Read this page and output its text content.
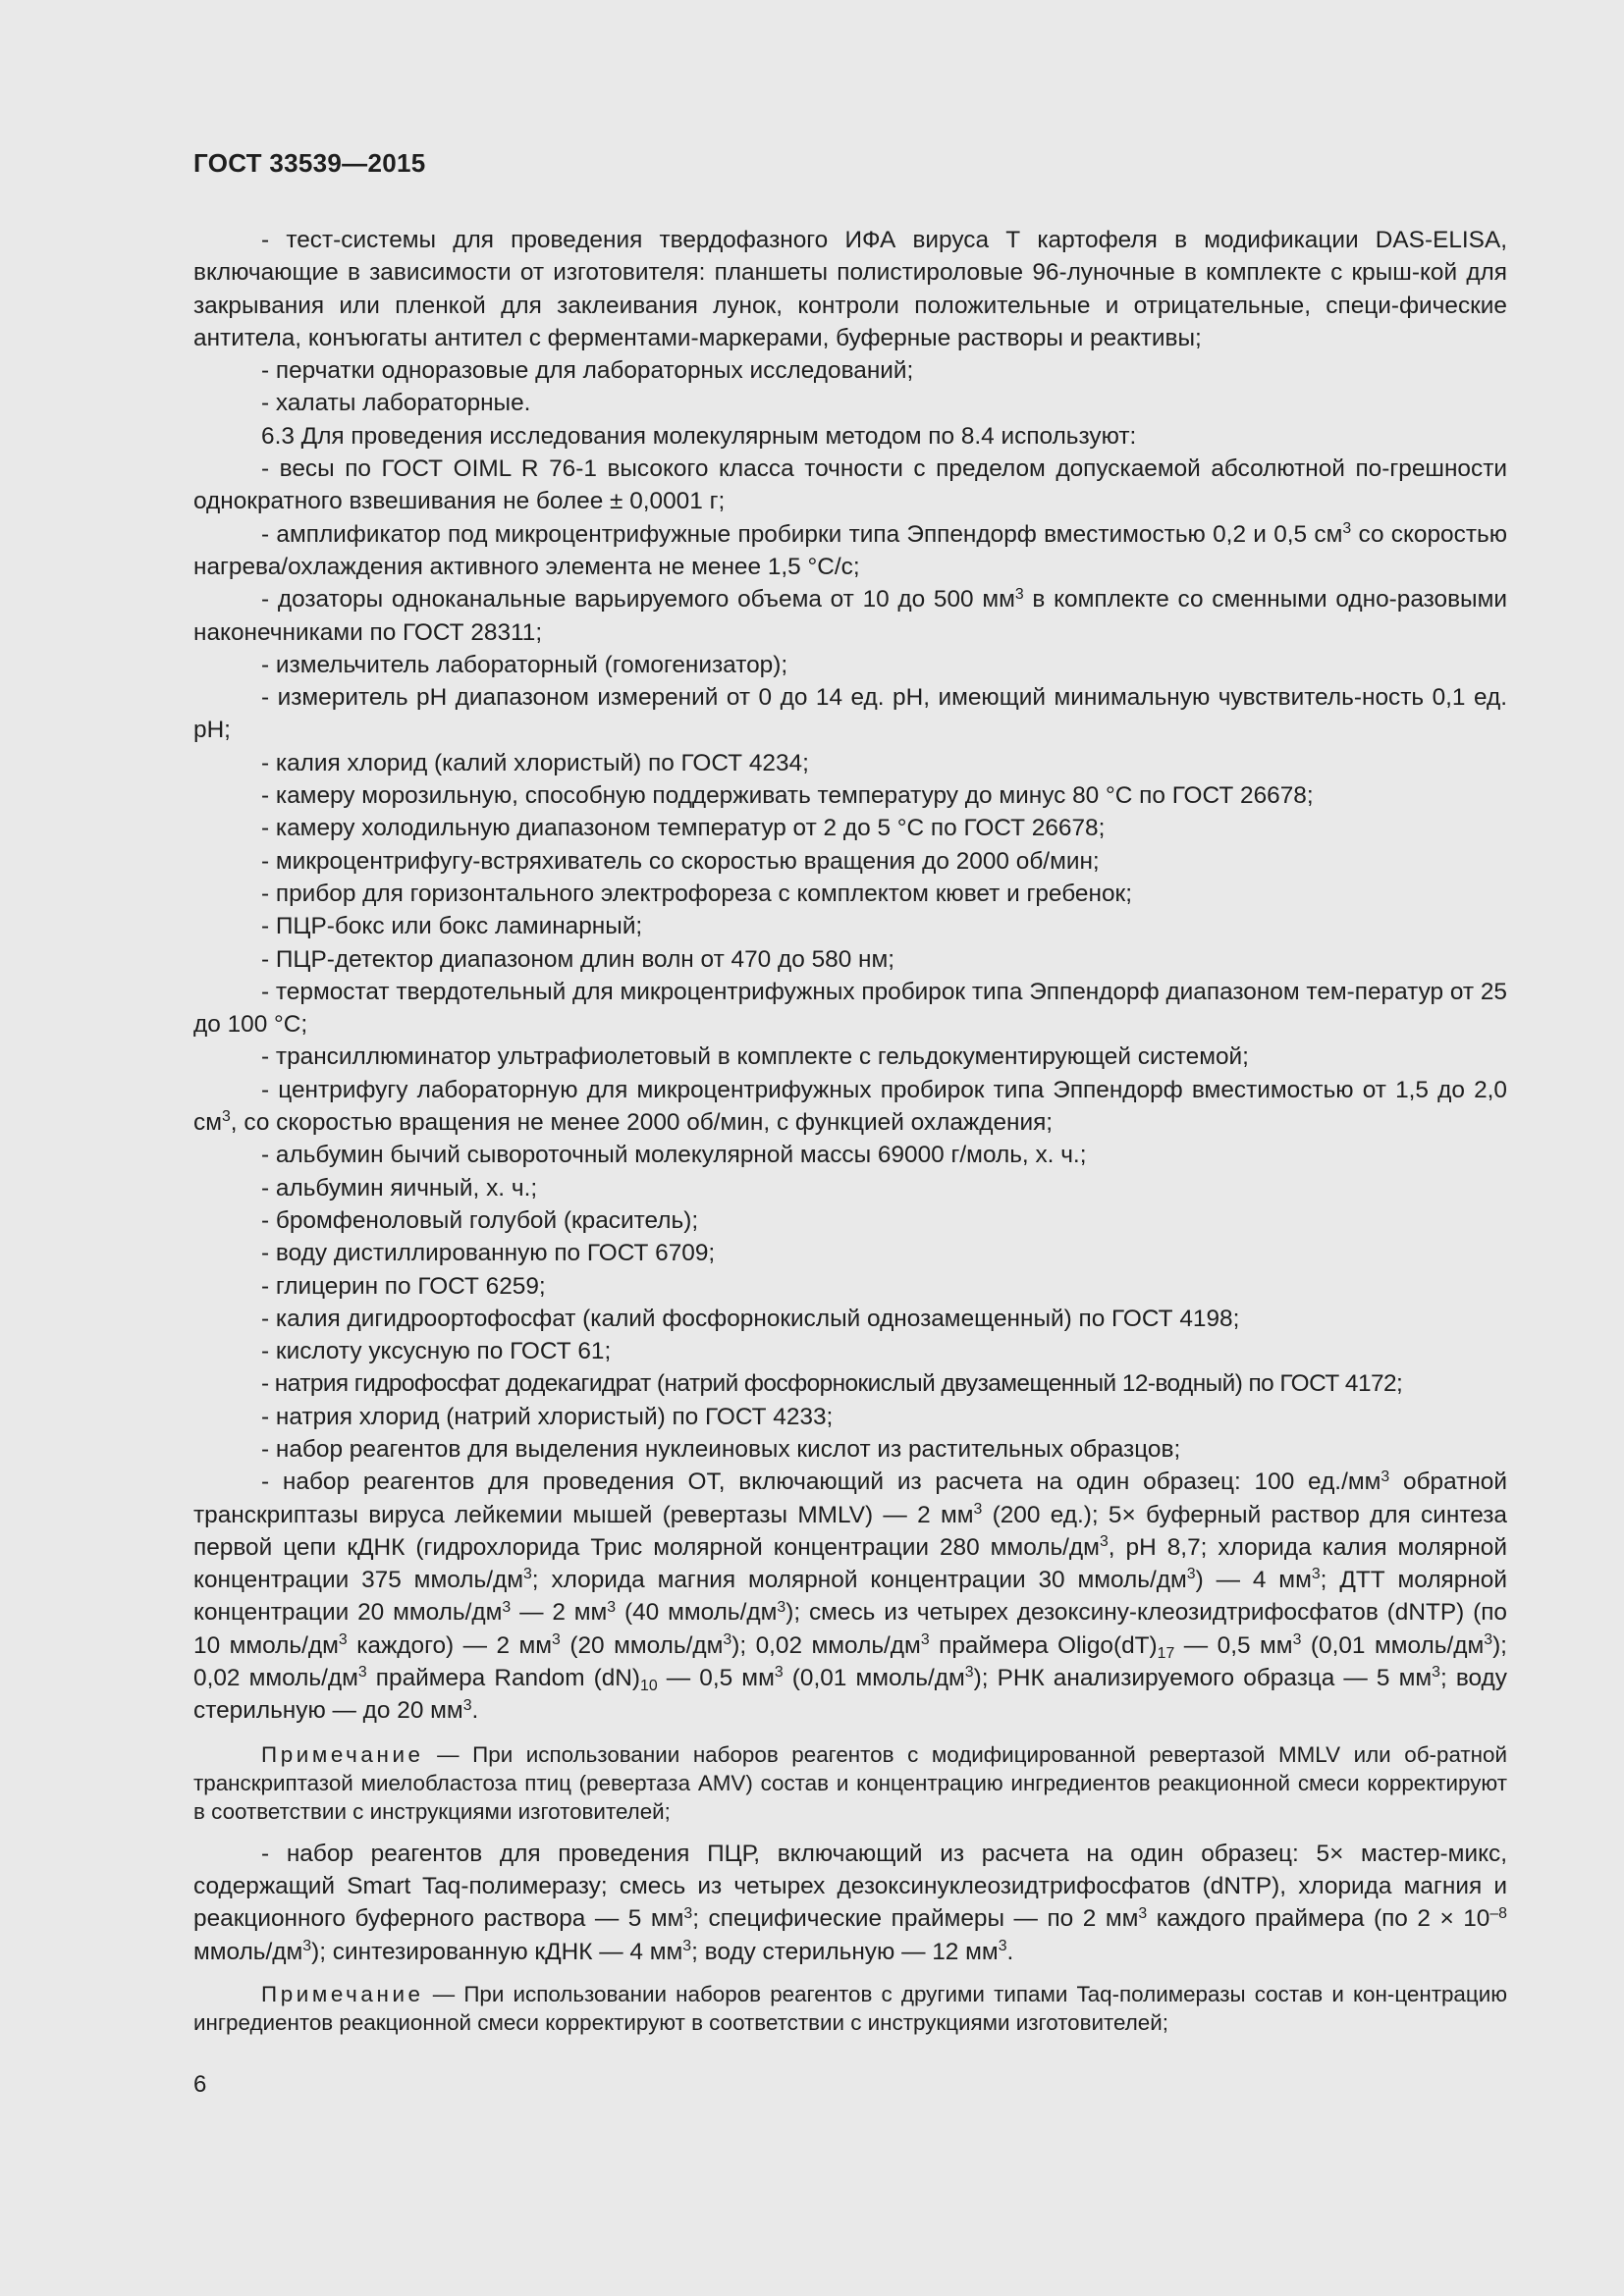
ГОСТ 33539—2015

- тест-системы для проведения твердофазного ИФА вируса Т картофеля в модификации DAS-ELISA, включающие в зависимости от изготовителя: планшеты полистироловые 96-луночные в комплекте с крыш-кой для закрывания или пленкой для заклеивания лунок, контроли положительные и отрицательные, специ-фические антитела, конъюгаты антител с ферментами-маркерами, буферные растворы и реактивы;

- перчатки одноразовые для лабораторных исследований;

- халаты лабораторные.

6.3 Для проведения исследования молекулярным методом по 8.4 используют:

- весы по ГОСТ OIML R 76-1 высокого класса точности с пределом допускаемой абсолютной по-грешности однократного взвешивания не более ± 0,0001 г;

- амплификатор под микроцентрифужные пробирки типа Эппендорф вместимостью 0,2 и 0,5 $см^3$ со скоростью нагрева/охлаждения активного элемента не менее 1,5 °С/с;

- дозаторы одноканальные варьируемого объема от 10 до 500 $мм^3$ в комплекте со сменными одно-разовыми наконечниками по ГОСТ 28311;

- измельчитель лабораторный (гомогенизатор);

- измеритель рН диапазоном измерений от 0 до 14 ед. рН, имеющий минимальную чувствитель-ность 0,1 ед. рН;

- калия хлорид (калий хлористый) по ГОСТ 4234;

- камеру морозильную, способную поддерживать температуру до минус 80 °С по ГОСТ 26678;

- камеру холодильную диапазоном температур от 2 до 5 °С по ГОСТ 26678;

- микроцентрифугу-встряхиватель со скоростью вращения до 2000 об/мин;

- прибор для горизонтального электрофореза с комплектом кювет и гребенок;

- ПЦР-бокс или бокс ламинарный;

- ПЦР-детектор диапазоном длин волн от 470 до 580 нм;

- термостат твердотельный для микроцентрифужных пробирок типа Эппендорф диапазоном тем-ператур от 25 до 100 °С;

- трансиллюминатор ультрафиолетовый в комплекте с гельдокументирующей системой;

- центрифугу лабораторную для микроцентрифужных пробирок типа Эппендорф вместимостью от 1,5 до 2,0 $см^3$, со скоростью вращения не менее 2000 об/мин, с функцией охлаждения;

- альбумин бычий сывороточный молекулярной массы 69000 г/моль, х. ч.;

- альбумин яичный, х. ч.;

- бромфеноловый голубой (краситель);

- воду дистиллированную по ГОСТ 6709;

- глицерин по ГОСТ 6259;

- калия дигидроортофосфат (калий фосфорнокислый однозамещенный) по ГОСТ 4198;

- кислоту уксусную по ГОСТ 61;

- натрия гидрофосфат додекагидрат (натрий фосфорнокислый двузамещенный 12-водный) по ГОСТ 4172;

- натрия хлорид (натрий хлористый) по ГОСТ 4233;

- набор реагентов для выделения нуклеиновых кислот из растительных образцов;

- набор реагентов для проведения ОТ, включающий из расчета на один образец: 100 $ед./мм^3$ обратной транскриптазы вируса лейкемии мышей (ревертазы MMLV) — 2 $мм^3$ (200 ед.); 5× буферный раствор для синтеза первой цепи кДНК (гидрохлорида Трис молярной концентрации 280 ммоль/$дм^3$, рН 8,7; хлорида калия молярной концентрации 375 ммоль/$дм^3$; хлорида магния молярной концентрации 30 ммоль/$дм^3$) — 4 $мм^3$; ДТТ молярной концентрации 20 ммоль/$дм^3$ — 2 $мм^3$ (40 ммоль/$дм^3$); смесь из четырех дезоксину-клеозидтрифосфатов (dNTP) (по 10 ммоль/$дм^3$ каждого) — 2 $мм^3$ (20 ммоль/$дм^3$); 0,02 ммоль/$дм^3$ праймера $Oligo(dT)_{17}$ — 0,5 $мм^3$ (0,01 ммоль/$дм^3$); 0,02 ммоль/$дм^3$ праймера Random $(dN)_{10}$ — 0,5 $мм^3$ (0,01 ммоль/$дм^3$); РНК анализируемого образца — 5 $мм^3$; воду стерильную — до 20 $мм^3$.

Примечание — При использовании наборов реагентов с модифицированной ревертазой MMLV или об-ратной транскриптазой миелобластоза птиц (ревертаза AMV) состав и концентрацию ингредиентов реакционной смеси корректируют в соответствии с инструкциями изготовителей;

- набор реагентов для проведения ПЦР, включающий из расчета на один образец: 5× мастер-микс, содержащий Smart Taq-полимеразу; смесь из четырех дезоксинуклеозидтрифосфатов (dNTP), хлорида магния и реакционного буферного раствора — 5 $мм^3$; специфические праймеры — по 2 $мм^3$ каждого праймера (по $2 \times 10^{-8}$ ммоль/$дм^3$); синтезированную кДНК — 4 $мм^3$; воду стерильную — 12 $мм^3$.

Примечание — При использовании наборов реагентов с другими типами Taq-полимеразы состав и кон-центрацию ингредиентов реакционной смеси корректируют в соответствии с инструкциями изготовителей;

6
